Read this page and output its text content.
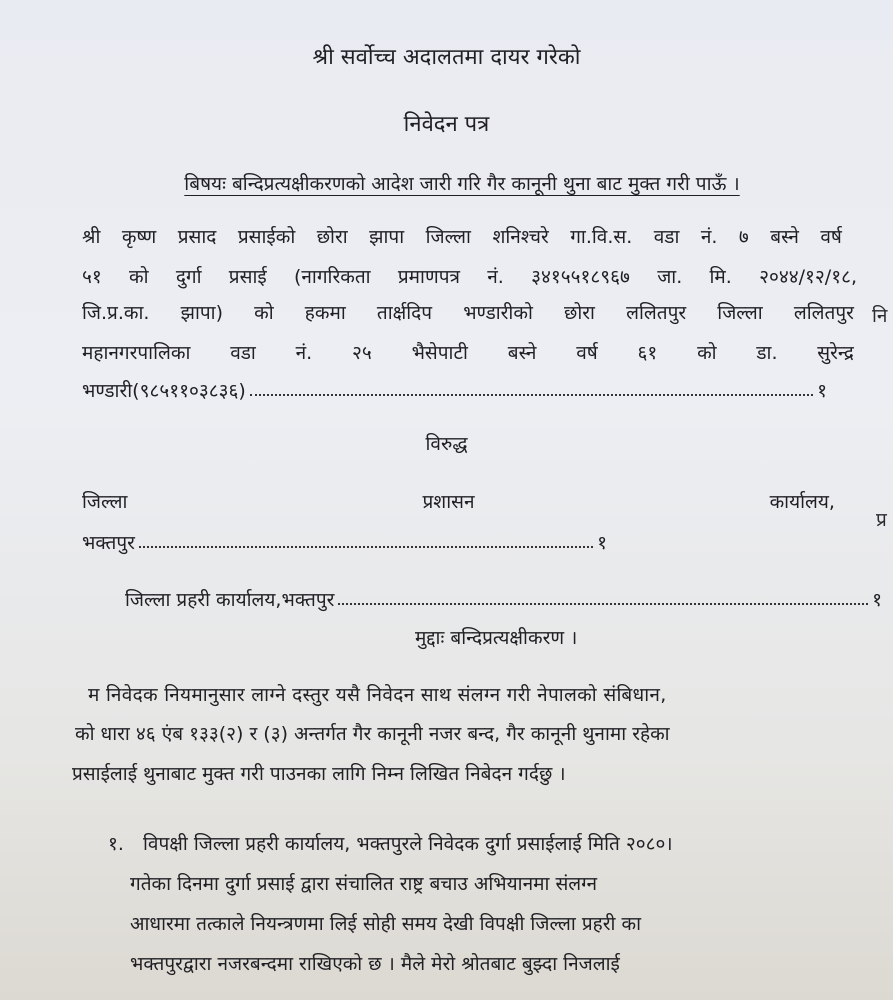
श्री सर्वोच्च अदालतमा दायर गरेको
निवेदन पत्र
बिषयः बन्दिप्रत्यक्षीकरणको आदेश जारी गरि गैर कानूनी थुना बाट मुक्त गरी पाऊँ ।
श्री कृष्ण प्रसाद प्रसाईको छोरा झापा जिल्ला शनिश्चरे गा.वि.स. वडा नं. ७ बस्ने वर्ष
५१ को दुर्गा प्रसाई (नागरिकता प्रमाणपत्र नं. ३४१५५१८९६७ जा. मि. २०४४/१२/१८,
जि.प्र.का. झापा) को हकमा तार्क्षदिप भण्डारीको छोरा ललितपुर जिल्ला ललितपुर
महानगरपालिका वडा नं. २५ भैसेपाटी बस्ने वर्ष ६१ को डा. सुरेन्द्र
भण्डारी(९८५११०३८३६)	१
विरुद्ध
जिल्ला	प्रशासन	कार्यालय,
भक्तपुर	१
जिल्ला प्रहरी कार्यालय,भक्तपुर	१
मुद्दाः बन्दिप्रत्यक्षीकरण ।
म निवेदक नियमानुसार लाग्ने दस्तुर यसै निवेदन साथ संलग्न गरी नेपालको संबिधान,
को धारा ४६ एंब १३३(२) र (३) अन्तर्गत गैर कानूनी नजर बन्द, गैर कानूनी थुनामा रहेका
प्रसाईलाई थुनाबाट मुक्त गरी पाउनका लागि निम्न लिखित निबेदन गर्दछु ।
१. विपक्षी जिल्ला प्रहरी कार्यालय, भक्तपुरले निवेदक दुर्गा प्रसाईलाई मिति २०८०।
गतेका दिनमा दुर्गा प्रसाई द्वारा संचालित राष्ट्र बचाउ अभियानमा संलग्न
आधारमा तत्काले नियन्त्रणमा लिई सोही समय देखी विपक्षी जिल्ला प्रहरी का
भक्तपुरद्वारा नजरबन्दमा राखिएको छ । मैले मेरो श्रोतबाट बुझ्दा निजलाई
नि
प्र
